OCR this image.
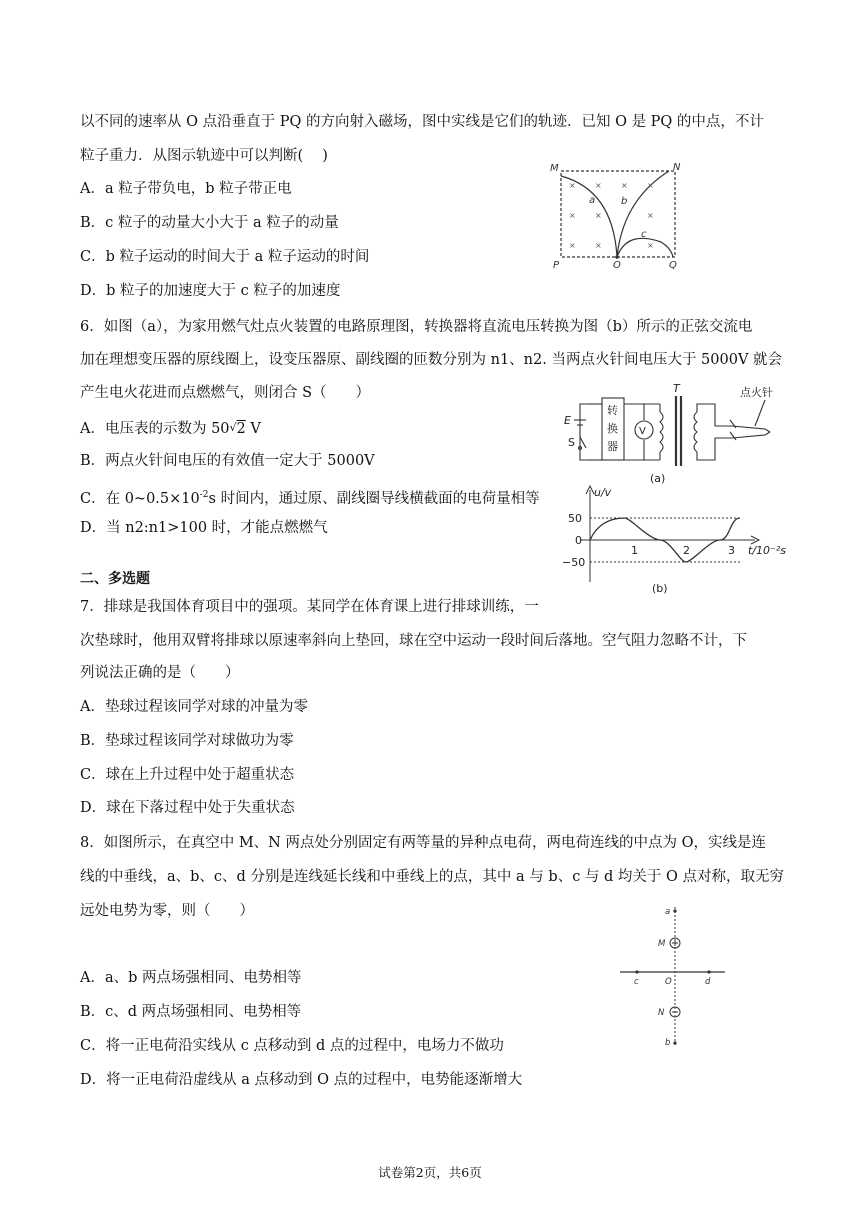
以不同的速率从 O 点沿垂直于 PQ 的方向射入磁场，图中实线是它们的轨迹．已知 O 是 PQ 的中点，不计
粒子重力．从图示轨迹中可以判断(　 )
A．a 粒子带负电，b 粒子带正电
B．c 粒子的动量大小大于 a 粒子的动量
C．b 粒子运动的时间大于 a 粒子运动的时间
D．b 粒子的加速度大于 c 粒子的加速度
M	N
P	O	Q
a	b
c
× × × ×
× ×	×
× ×	×
6．如图（a），为家用燃气灶点火装置的电路原理图，转换器将直流电压转换为图（b）所示的正弦交流电
加在理想变压器的原线圈上，设变压器原、副线圈的匝数分别为 n1、n2. 当两点火针间电压大于 5000V 就会
产生电火花进而点燃燃气，则闭合 S（　　）
A．电压表的示数为 50√2 V
B．两点火针间电压的有效值一定大于 5000V
C．在 $0\sim 0.5\times 10^{-2}s$ 时间内，通过原、副线圈导线横截面的电荷量相等
D．当 n2:n1>100 时，才能点燃燃气
E
S
转
换
器
V
T	点火针
(a)
u/v
50
0
−50
1	2	3 t/10⁻²s
(b)
二、多选题
7．排球是我国体育项目中的强项。某同学在体育课上进行排球训练，一
次垫球时，他用双臂将排球以原速率斜向上垫回，球在空中运动一段时间后落地。空气阻力忽略不计，下
列说法正确的是（　　）
A．垫球过程该同学对球的冲量为零
B．垫球过程该同学对球做功为零
C．球在上升过程中处于超重状态
D．球在下落过程中处于失重状态
8．如图所示，在真空中 M、N 两点处分别固定有两等量的异种点电荷，两电荷连线的中点为 O，实线是连
线的中垂线，a、b、c、d 分别是连线延长线和中垂线上的点，其中 a 与 b、c 与 d 均关于 O 点对称，取无穷
远处电势为零，则（　　）
A．a、b 两点场强相同、电势相等
B．c、d 两点场强相同、电势相等
C．将一正电荷沿实线从 c 点移动到 d 点的过程中，电场力不做功
D．将一正电荷沿虚线从 a 点移动到 O 点的过程中，电势能逐渐增大
a
M
c	O	d
N
b
试卷第2页，共6页
